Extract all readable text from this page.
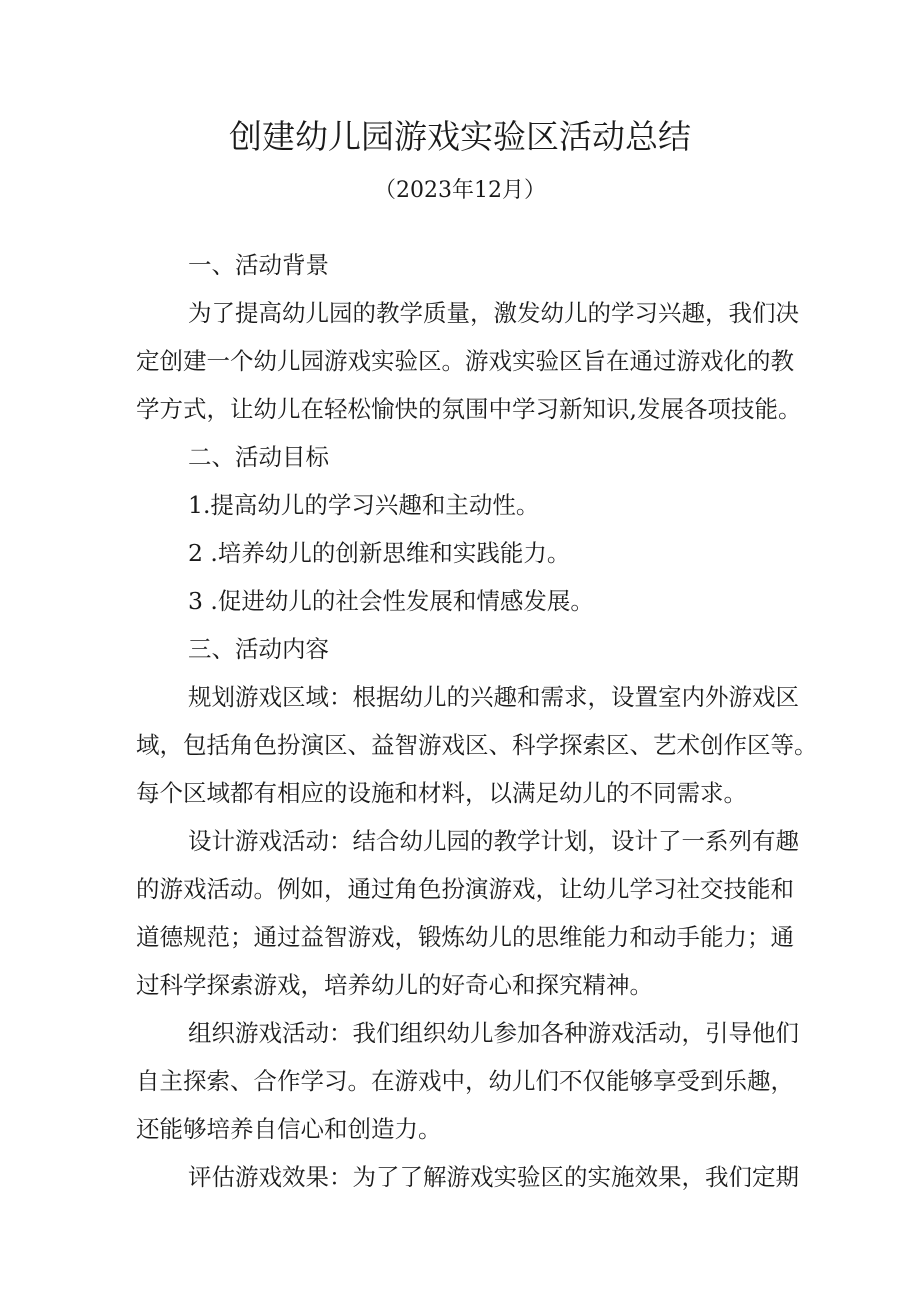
创建幼儿园游戏实验区活动总结

（2023年12月）

一、活动背景

为了提高幼儿园的教学质量，激发幼儿的学习兴趣，我们决

定创建一个幼儿园游戏实验区。游戏实验区旨在通过游戏化的教

学方式，让幼儿在轻松愉快的氛围中学习新知识,发展各项技能。

二、活动目标

1.提高幼儿的学习兴趣和主动性。

2 .培养幼儿的创新思维和实践能力。

3 .促进幼儿的社会性发展和情感发展。

三、活动内容

规划游戏区域：根据幼儿的兴趣和需求，设置室内外游戏区

域，包括角色扮演区、益智游戏区、科学探索区、艺术创作区等。

每个区域都有相应的设施和材料，以满足幼儿的不同需求。

设计游戏活动：结合幼儿园的教学计划，设计了一系列有趣

的游戏活动。例如，通过角色扮演游戏，让幼儿学习社交技能和

道德规范；通过益智游戏，锻炼幼儿的思维能力和动手能力；通

过科学探索游戏，培养幼儿的好奇心和探究精神。

组织游戏活动：我们组织幼儿参加各种游戏活动，引导他们

自主探索、合作学习。在游戏中，幼儿们不仅能够享受到乐趣，

还能够培养自信心和创造力。

评估游戏效果：为了了解游戏实验区的实施效果，我们定期
